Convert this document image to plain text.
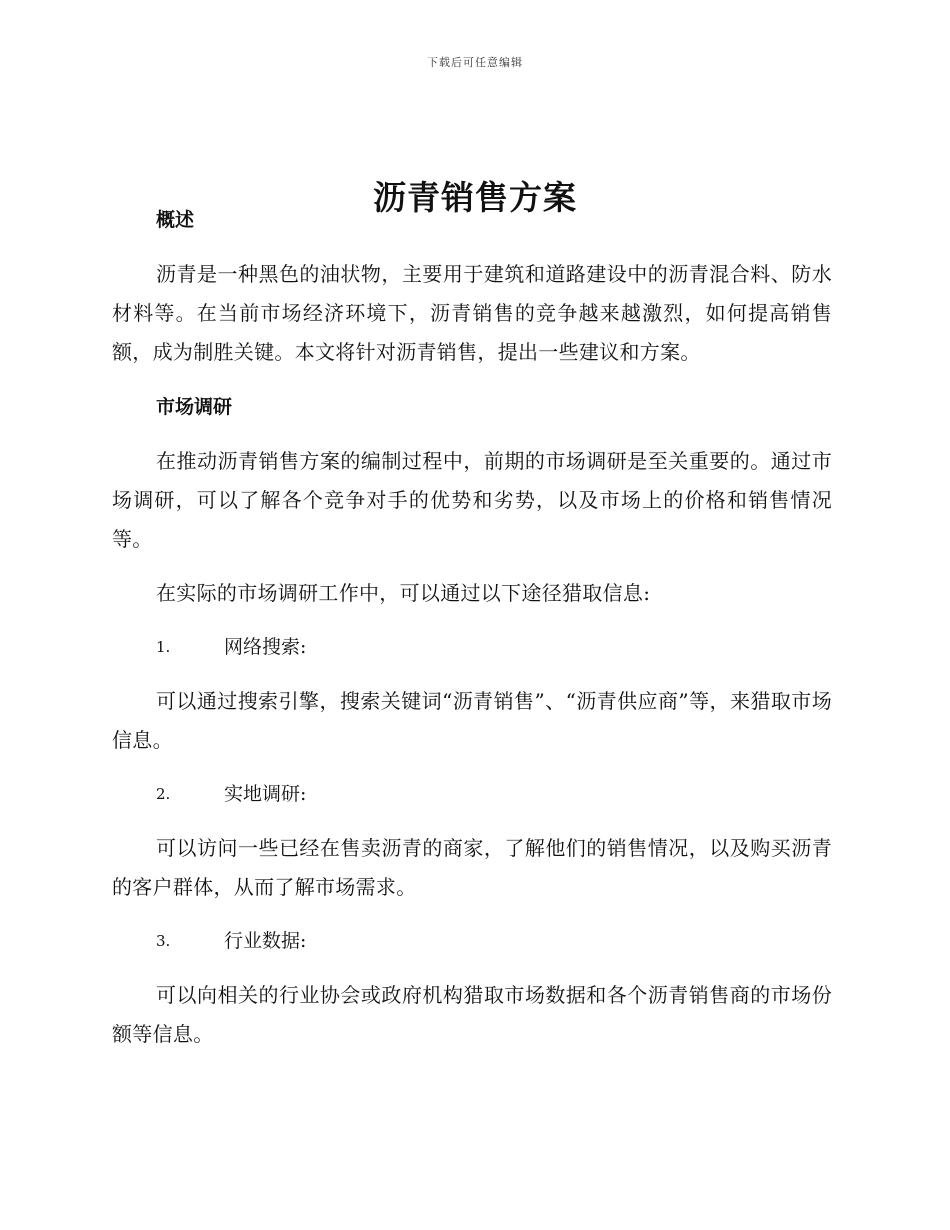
下载后可任意编辑
沥青销售方案
概述

沥青是一种黑色的油状物，主要用于建筑和道路建设中的沥青混合料、防水材料等。在当前市场经济环境下，沥青销售的竞争越来越激烈，如何提高销售额，成为制胜关键。本文将针对沥青销售，提出一些建议和方案。

市场调研

在推动沥青销售方案的编制过程中，前期的市场调研是至关重要的。通过市场调研，可以了解各个竞争对手的优势和劣势，以及市场上的价格和销售情况等。

在实际的市场调研工作中，可以通过以下途径猎取信息:

1.	网络搜索:

可以通过搜索引擎，搜索关键词“沥青销售”、“沥青供应商”等，来猎取市场信息。

2.	实地调研:

可以访问一些已经在售卖沥青的商家，了解他们的销售情况，以及购买沥青的客户群体，从而了解市场需求。

3.	行业数据:

可以向相关的行业协会或政府机构猎取市场数据和各个沥青销售商的市场份额等信息。
